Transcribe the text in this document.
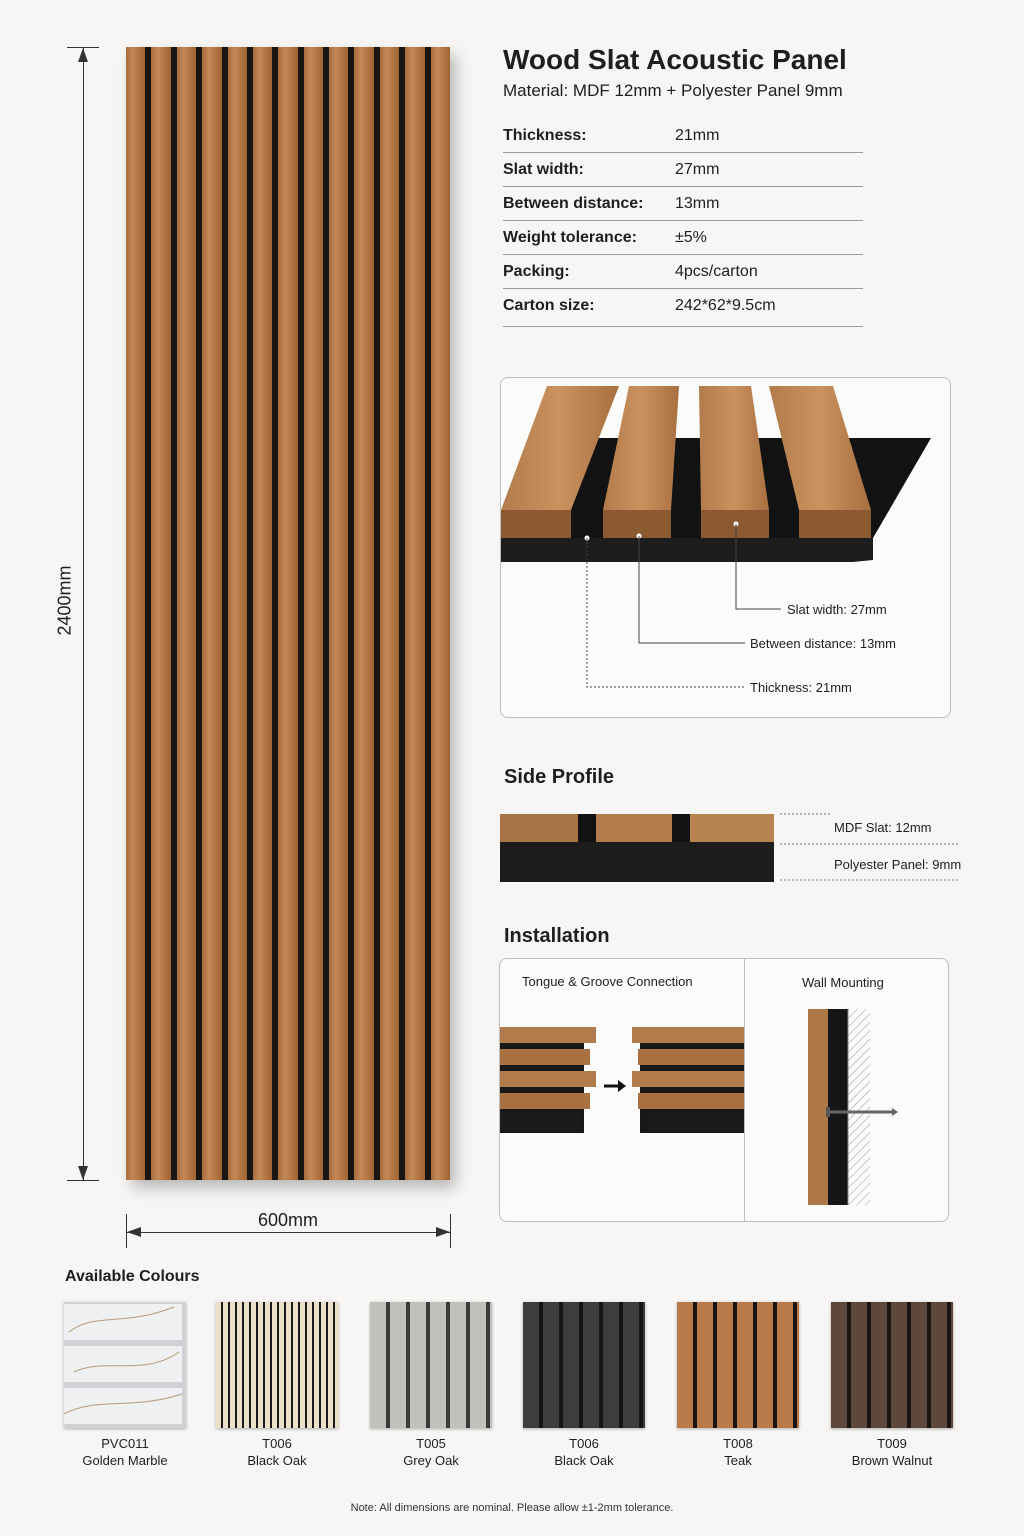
2400mm
600mm
Wood Slat Acoustic Panel
Material: MDF 12mm + Polyester Panel 9mm
Thickness:	21mm
Slat width:	27mm
Between distance: 13mm
Weight tolerance: ±5%
Packing:	4pcs/carton
Carton size:	242*62*9.5cm
Slat width: 27mm
Between distance: 13mm
Thickness: 21mm
Side Profile
MDF Slat: 12mm
Polyester Panel: 9mm
Installation
Tongue & Groove Connection	Wall Mounting
Available Colours
PVC011
Golden Marble
T006
Black Oak
T005
Grey Oak
T006
Black Oak
T008
Teak
T009
Brown Walnut
Note: All dimensions are nominal. Please allow ±1-2mm tolerance.
